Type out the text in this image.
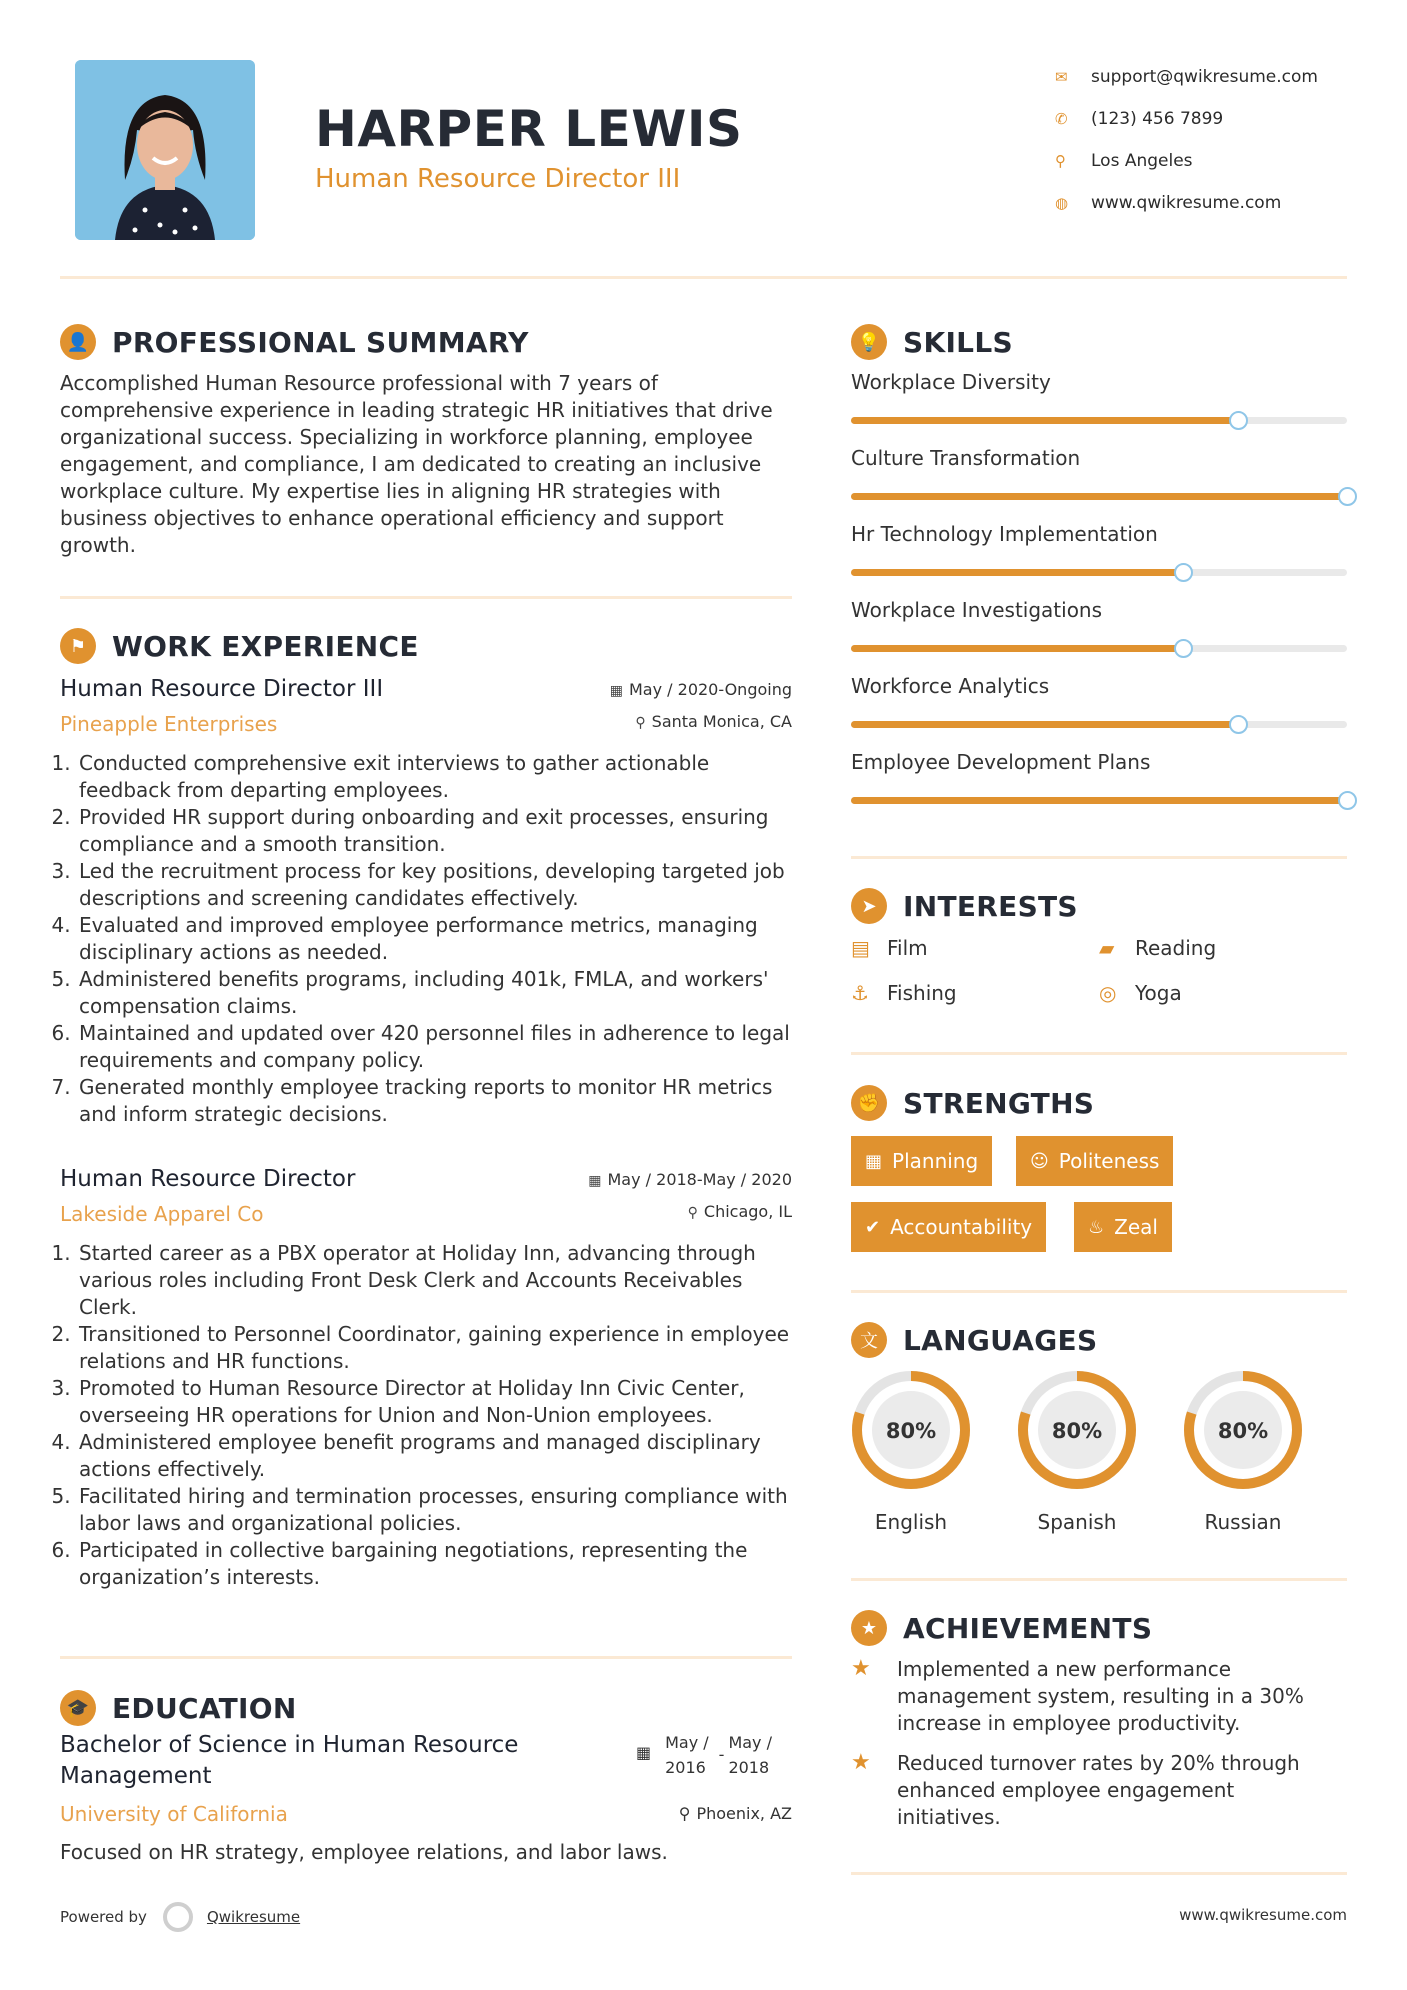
HARPER LEWIS
Human Resource Director III
✉	support@qwikresume.com
✆	(123) 456 7899
⚲	Los Angeles
◍	www.qwikresume.com
👤 PROFESSIONAL SUMMARY
Accomplished Human Resource professional with 7 years of comprehensive experience in leading strategic HR initiatives that drive organizational success. Specializing in workforce planning, employee engagement, and compliance, I am dedicated to creating an inclusive workplace culture. My expertise lies in aligning HR strategies with business objectives to enhance operational efficiency and support growth.
⚑ WORK EXPERIENCE
Human Resource Director III
Pineapple Enterprises
▦ May / 2020-Ongoing
⚲ Santa Monica, CA
1. Conducted comprehensive exit interviews to gather actionable feedback from departing employees.
2. Provided HR support during onboarding and exit processes, ensuring compliance and a smooth transition.
3. Led the recruitment process for key positions, developing targeted job descriptions and screening candidates effectively.
4. Evaluated and improved employee performance metrics, managing disciplinary actions as needed.
5. Administered benefits programs, including 401k, FMLA, and workers' compensation claims.
6. Maintained and updated over 420 personnel files in adherence to legal requirements and company policy.
7. Generated monthly employee tracking reports to monitor HR metrics and inform strategic decisions.
Human Resource Director
Lakeside Apparel Co
▦ May / 2018-May / 2020
⚲ Chicago, IL
1. Started career as a PBX operator at Holiday Inn, advancing through various roles including Front Desk Clerk and Accounts Receivables Clerk.
2. Transitioned to Personnel Coordinator, gaining experience in employee relations and HR functions.
3. Promoted to Human Resource Director at Holiday Inn Civic Center, overseeing HR operations for Union and Non-Union employees.
4. Administered employee benefit programs and managed disciplinary actions effectively.
5. Facilitated hiring and termination processes, ensuring compliance with labor laws and organizational policies.
6. Participated in collective bargaining negotiations, representing the organization’s interests.
🎓 EDUCATION
Bachelor of Science in Human Resource Management
University of California
Focused on HR strategy, employee relations, and labor laws.
▦
May /
2016
-
May /
2018
⚲ Phoenix, AZ
Powered by	Qwikresume	www.qwikresume.com
💡 SKILLS
Workplace Diversity
Culture Transformation
Hr Technology Implementation
Workplace Investigations
Workforce Analytics
Employee Development Plans
➤ INTERESTS
▤ Film	▰	Reading
⚓ Fishing	◎ Yoga
✊ STRENGTHS
▦ Planning	☺ Politeness
✔ Accountability	♨ Zeal
文 LANGUAGES
80%
English
80%
Spanish
80%
Russian
★ ACHIEVEMENTS
★	Implemented a new performance management system, resulting in a 30% increase in employee productivity.
★	Reduced turnover rates by 20% through enhanced employee engagement initiatives.
